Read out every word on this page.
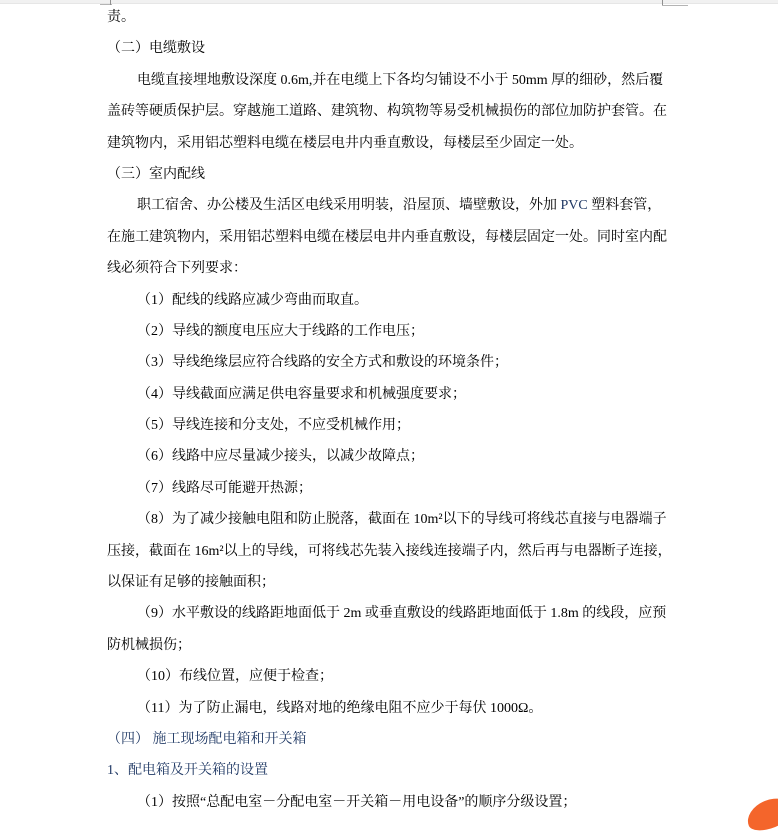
责。
（二）电缆敷设
电缆直接埋地敷设深度 0.6m,并在电缆上下各均匀铺设不小于 50mm 厚的细砂，然后覆
盖砖等硬质保护层。穿越施工道路、建筑物、构筑物等易受机械损伤的部位加防护套管。在
建筑物内，采用铝芯塑料电缆在楼层电井内垂直敷设，每楼层至少固定一处。
（三）室内配线
职工宿舍、办公楼及生活区电线采用明装，沿屋顶、墙壁敷设，外加 PVC 塑料套管，
在施工建筑物内，采用铝芯塑料电缆在楼层电井内垂直敷设，每楼层固定一处。同时室内配
线必须符合下列要求：
（1）配线的线路应减少弯曲而取直。
（2）导线的额度电压应大于线路的工作电压；
（3）导线绝缘层应符合线路的安全方式和敷设的环境条件；
（4）导线截面应满足供电容量要求和机械强度要求；
（5）导线连接和分支处，不应受机械作用；
（6）线路中应尽量减少接头，以减少故障点；
（7）线路尽可能避开热源；
（8）为了减少接触电阻和防止脱落，截面在 10m²以下的导线可将线芯直接与电器端子
压接，截面在 16m²以上的导线，可将线芯先装入接线连接端子内，然后再与电器断子连接，
以保证有足够的接触面积；
（9）水平敷设的线路距地面低于 2m 或垂直敷设的线路距地面低于 1.8m 的线段，应预
防机械损伤；
（10）布线位置，应便于检查；
（11）为了防止漏电，线路对地的绝缘电阻不应少于每伏 1000Ω。
（四） 施工现场配电箱和开关箱
1、配电箱及开关箱的设置
（1）按照“总配电室－分配电室－开关箱－用电设备”的顺序分级设置；
